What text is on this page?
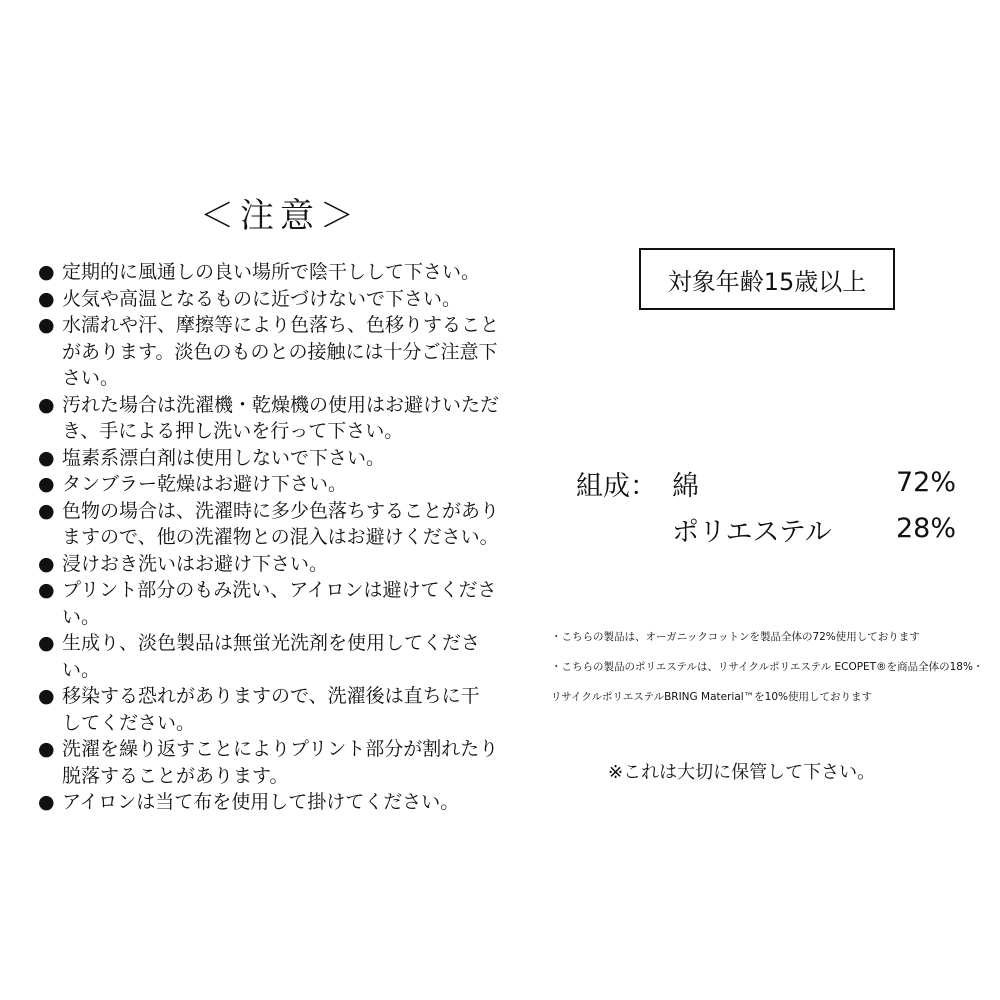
＜注意＞
● 定期的に風通しの良い場所で陰干しして下さい。
● 火気や高温となるものに近づけないで下さい。
● 水濡れや汗、摩擦等により色落ち、色移りすることがあります。淡色のものとの接触には十分ご注意下さい。
● 汚れた場合は洗濯機・乾燥機の使用はお避けいただき、手による押し洗いを行って下さい。
● 塩素系漂白剤は使用しないで下さい。
● タンブラー乾燥はお避け下さい。
● 色物の場合は、洗濯時に多少色落ちすることがありますので、他の洗濯物との混入はお避けください。
● 浸けおき洗いはお避け下さい。
● プリント部分のもみ洗い、アイロンは避けてください。
● 生成り、淡色製品は無蛍光洗剤を使用してください。
● 移染する恐れがありますので、洗濯後は直ちに干してください。
● 洗濯を繰り返すことによりプリント部分が割れたり脱落することがあります。
● アイロンは当て布を使用して掛けてください。
対象年齢15歳以上
組成： 綿	72%
ポリエステル 28%
・こちらの製品は、オーガニックコットンを製品全体の72%使用しております
・こちらの製品のポリエステルは、リサイクルポリエステル ECOPET®を商品全体の18%・
リサイクルポリエステルBRING Material™を10%使用しております
※これは大切に保管して下さい。
